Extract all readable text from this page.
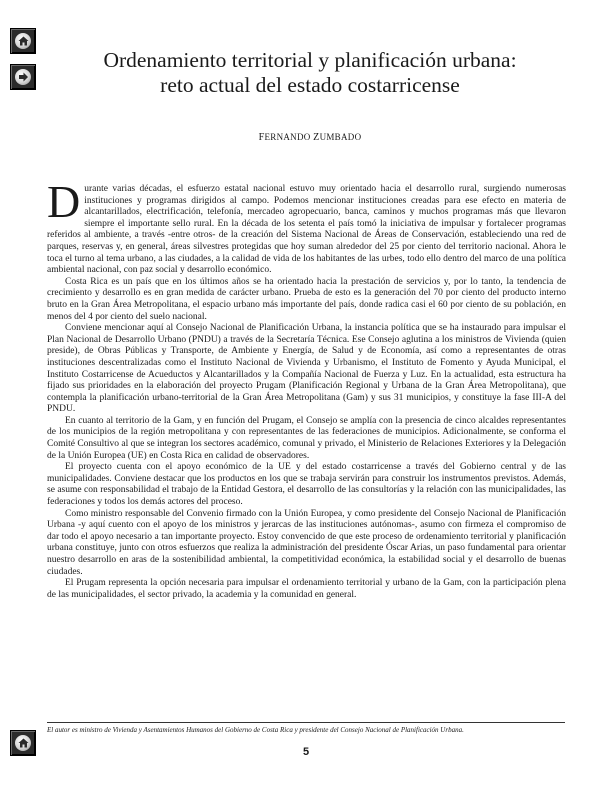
Ordenamiento territorial y planificación urbana:
reto actual del estado costarricense
FERNANDO ZUMBADO

Durante varias décadas, el esfuerzo estatal nacional estuvo muy orientado hacia el desarrollo rural, surgiendo numerosas instituciones y programas dirigidos al campo. Podemos mencionar instituciones creadas para ese efecto en materia de alcantarillados, electrificación, telefonía, mercadeo agropecuario, banca, caminos y muchos programas más que llevaron siempre el importante sello rural. En la década de los setenta el país tomó la iniciativa de impulsar y fortalecer programas referidos al ambiente, a través -entre otros- de la creación del Sistema Nacional de Áreas de Conservación, estableciendo una red de parques, reservas y, en general, áreas silvestres protegidas que hoy suman alrededor del 25 por ciento del territorio nacional. Ahora le toca el turno al tema urbano, a las ciudades, a la calidad de vida de los habitantes de las urbes, todo ello dentro del marco de una política ambiental nacional, con paz social y desarrollo económico.

Costa Rica es un país que en los últimos años se ha orientado hacia la prestación de servicios y, por lo tanto, la tendencia de crecimiento y desarrollo es en gran medida de carácter urbano. Prueba de esto es la generación del 70 por ciento del producto interno bruto en la Gran Área Metropolitana, el espacio urbano más importante del país, donde radica casi el 60 por ciento de su población, en menos del 4 por ciento del suelo nacional.

Conviene mencionar aquí al Consejo Nacional de Planificación Urbana, la instancia política que se ha instaurado para impulsar el Plan Nacional de Desarrollo Urbano (PNDU) a través de la Secretaría Técnica. Ese Consejo aglutina a los ministros de Vivienda (quien preside), de Obras Públicas y Transporte, de Ambiente y Energía, de Salud y de Economía, así como a representantes de otras instituciones descentralizadas como el Instituto Nacional de Vivienda y Urbanismo, el Instituto de Fomento y Ayuda Municipal, el Instituto Costarricense de Acueductos y Alcantarillados y la Compañía Nacional de Fuerza y Luz. En la actualidad, esta estructura ha fijado sus prioridades en la elaboración del proyecto Prugam (Planificación Regional y Urbana de la Gran Área Metropolitana), que contempla la planificación urbano-territorial de la Gran Área Metropolitana (Gam) y sus 31 municipios, y constituye la fase III-A del PNDU.

En cuanto al territorio de la Gam, y en función del Prugam, el Consejo se amplía con la presencia de cinco alcaldes representantes de los municipios de la región metropolitana y con representantes de las federaciones de municipios. Adicionalmente, se conforma el Comité Consultivo al que se integran los sectores académico, comunal y privado, el Ministerio de Relaciones Exteriores y la Delegación de la Unión Europea (UE) en Costa Rica en calidad de observadores.

El proyecto cuenta con el apoyo económico de la UE y del estado costarricense a través del Gobierno central y de las municipalidades. Conviene destacar que los productos en los que se trabaja servirán para construir los instrumentos previstos. Además, se asume con responsabilidad el trabajo de la Entidad Gestora, el desarrollo de las consultorías y la relación con las municipalidades, las federaciones y todos los demás actores del proceso.

Como ministro responsable del Convenio firmado con la Unión Europea, y como presidente del Consejo Nacional de Planificación Urbana -y aquí cuento con el apoyo de los ministros y jerarcas de las instituciones autónomas-, asumo con firmeza el compromiso de dar todo el apoyo necesario a tan importante proyecto. Estoy convencido de que este proceso de ordenamiento territorial y planificación urbana constituye, junto con otros esfuerzos que realiza la administración del presidente Óscar Arias, un paso fundamental para orientar nuestro desarrollo en aras de la sostenibilidad ambiental, la competitividad económica, la estabilidad social y el desarrollo de buenas ciudades.

El Prugam representa la opción necesaria para impulsar el ordenamiento territorial y urbano de la Gam, con la participación plena de las municipalidades, el sector privado, la academia y la comunidad en general.

El autor es ministro de Vivienda y Asentamientos Humanos del Gobierno de Costa Rica y presidente del Consejo Nacional de Planificación Urbana.
5
